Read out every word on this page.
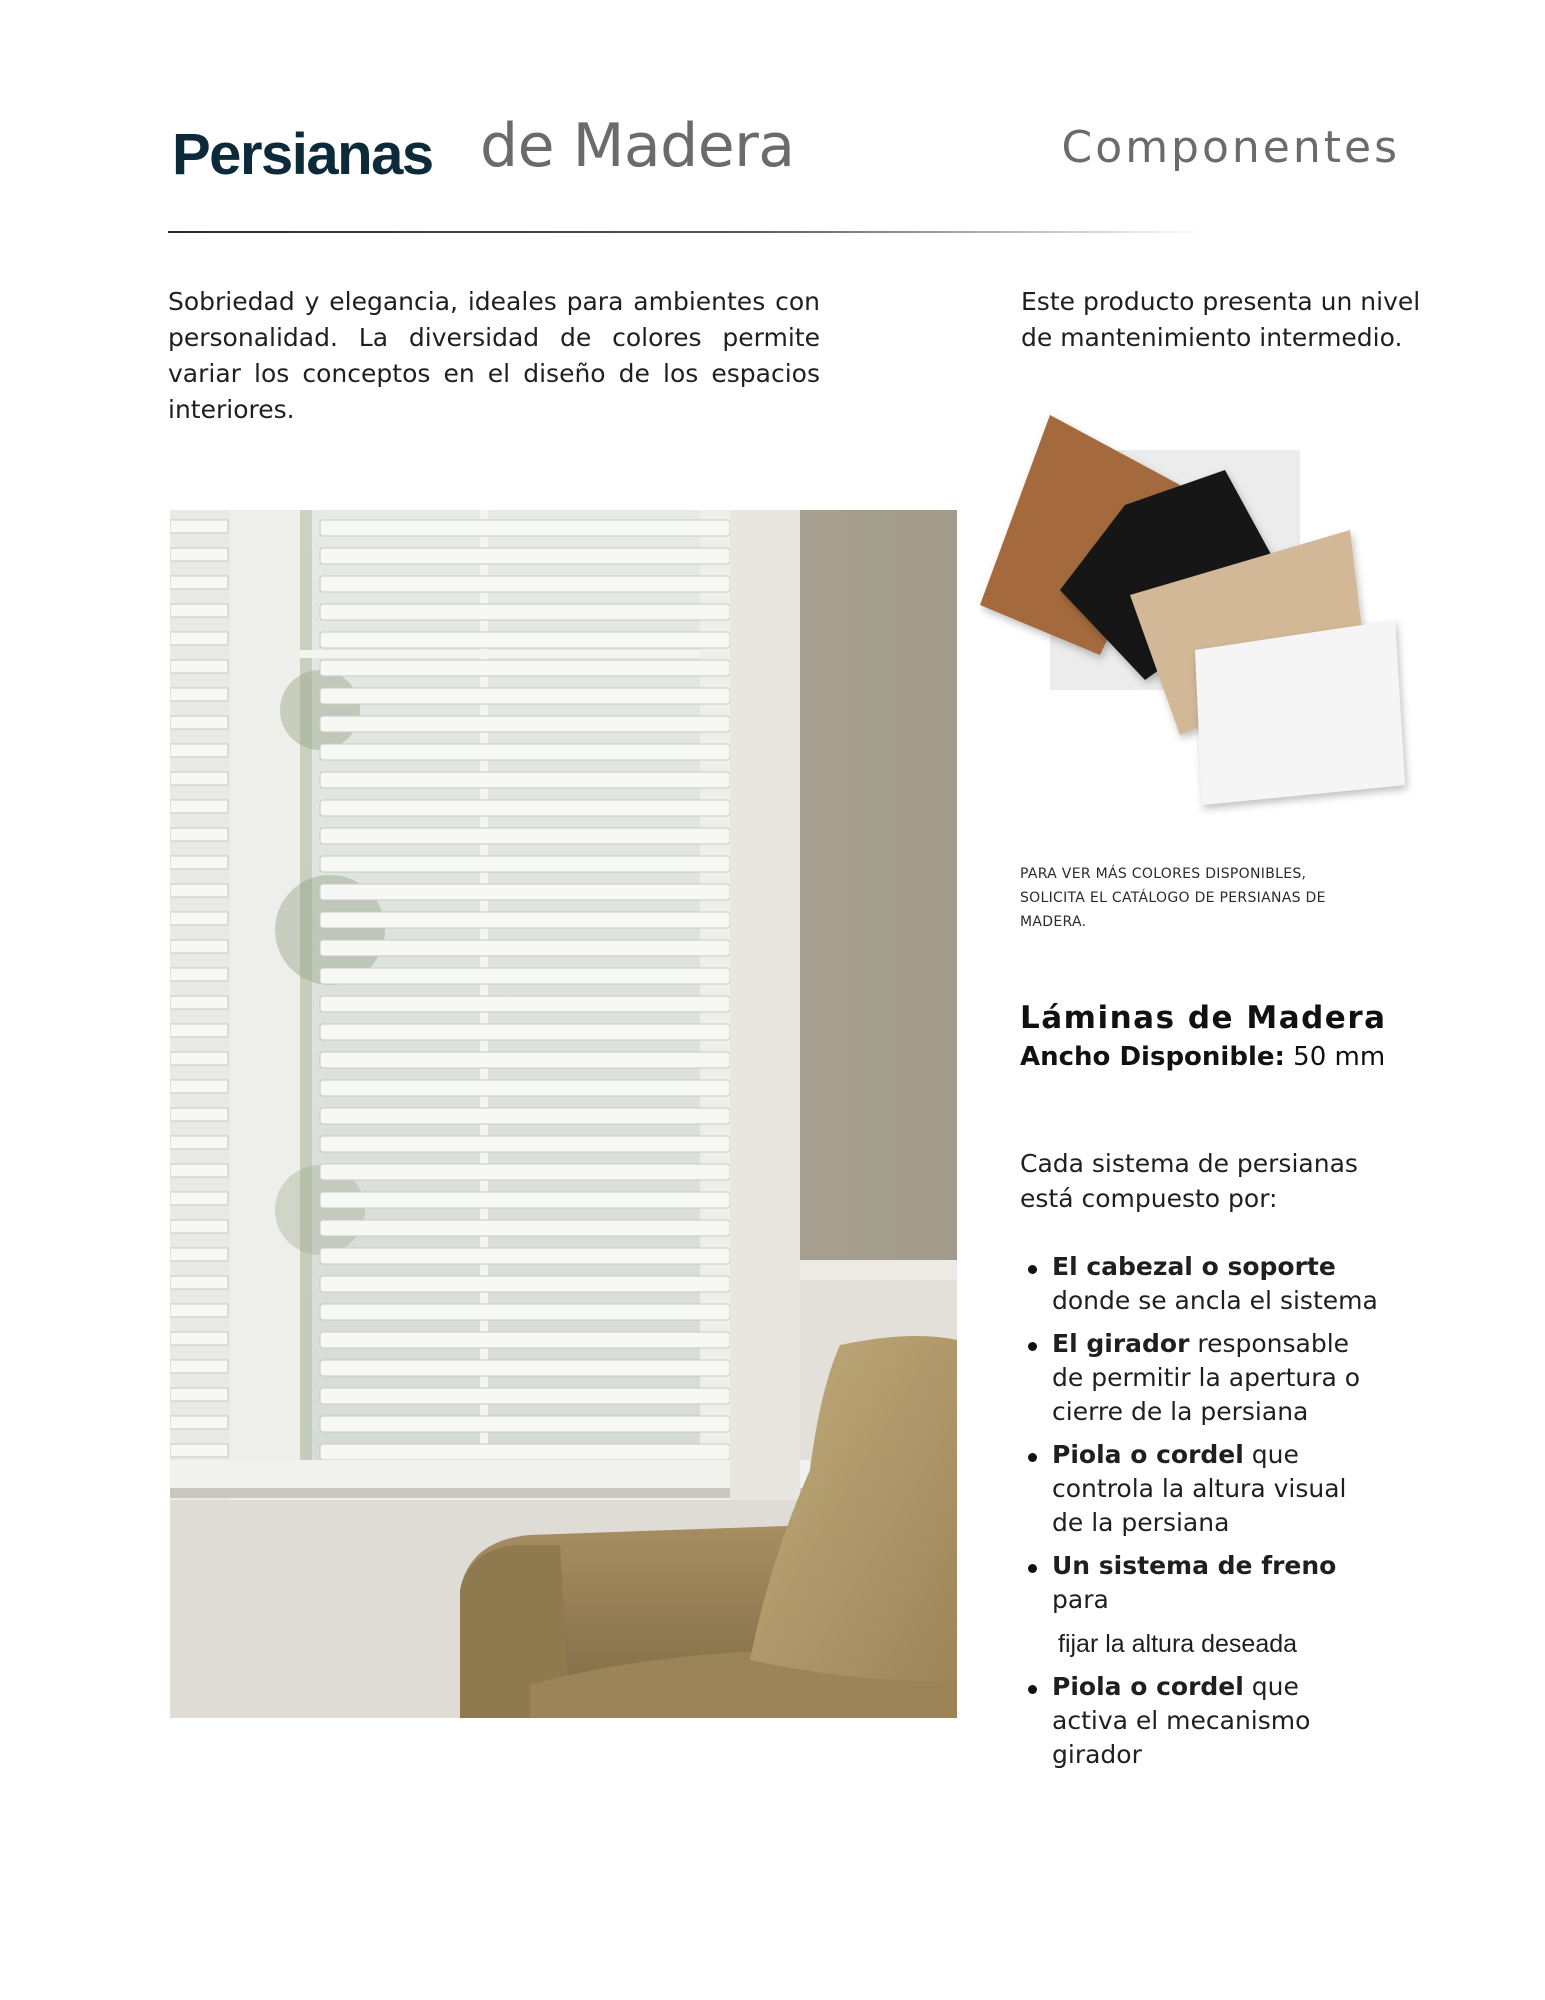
Persianas de Madera	Componentes

Sobriedad y elegancia, ideales para ambientes con personalidad. La diversidad de colores permite variar los conceptos en el diseño de los espacios interiores.

Este producto presenta un nivel de mantenimiento intermedio.

PARA VER MÁS COLORES DISPONIBLES, SOLICITA EL CATÁLOGO DE PERSIANAS DE MADERA.

Láminas de Madera

Ancho Disponible: 50 mm

Cada sistema de persianas está compuesto por:

El cabezal o soporte donde se ancla el sistema
El girador responsable de permitir la apertura o cierre de la persiana
Piola o cordel que controla la altura visual de la persiana
Un sistema de freno para
fijar la altura deseada
Piola o cordel que activa el mecanismo girador
